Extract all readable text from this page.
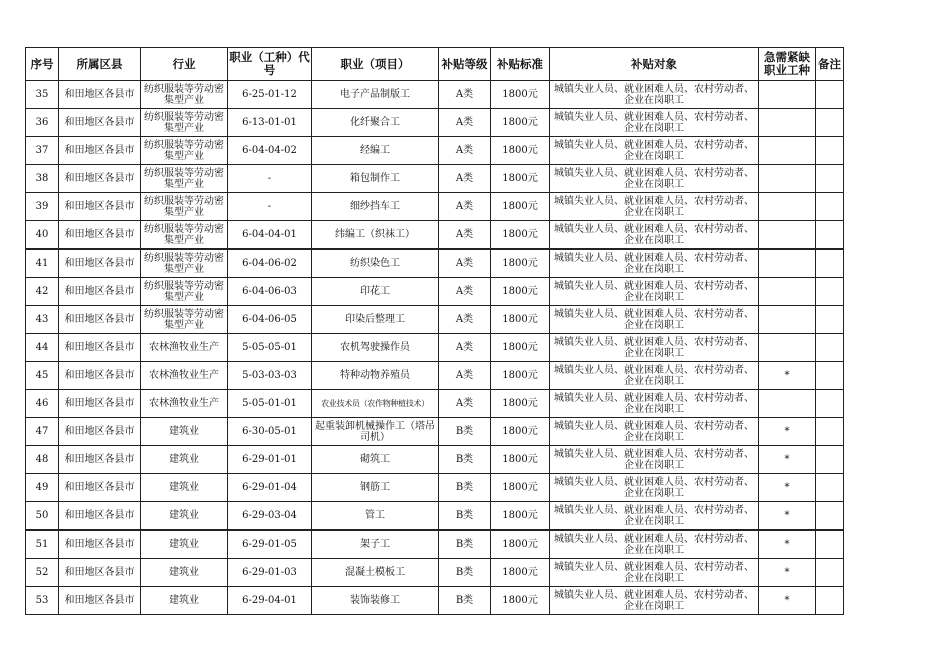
序号	所属区县	行业	职业（工种）代号	职业（项目）	补贴等级	补贴标准	补贴对象	急需紧缺职业工种	备注
35	和田地区各县市	纺织服装等劳动密集型产业	6-25-01-12	电子产品制版工	A类	1800元	城镇失业人员、就业困难人员、农村劳动者、企业在岗职工		
36	和田地区各县市	纺织服装等劳动密集型产业	6-13-01-01	化纤聚合工	A类	1800元	城镇失业人员、就业困难人员、农村劳动者、企业在岗职工		
37	和田地区各县市	纺织服装等劳动密集型产业	6-04-04-02	经编工	A类	1800元	城镇失业人员、就业困难人员、农村劳动者、企业在岗职工		
38	和田地区各县市	纺织服装等劳动密集型产业	-	箱包制作工	A类	1800元	城镇失业人员、就业困难人员、农村劳动者、企业在岗职工		
39	和田地区各县市	纺织服装等劳动密集型产业	-	细纱挡车工	A类	1800元	城镇失业人员、就业困难人员、农村劳动者、企业在岗职工		
40	和田地区各县市	纺织服装等劳动密集型产业	6-04-04-01	纬编工（织袜工）	A类	1800元	城镇失业人员、就业困难人员、农村劳动者、企业在岗职工		
41	和田地区各县市	纺织服装等劳动密集型产业	6-04-06-02	纺织染色工	A类	1800元	城镇失业人员、就业困难人员、农村劳动者、企业在岗职工		
42	和田地区各县市	纺织服装等劳动密集型产业	6-04-06-03	印花工	A类	1800元	城镇失业人员、就业困难人员、农村劳动者、企业在岗职工		
43	和田地区各县市	纺织服装等劳动密集型产业	6-04-06-05	印染后整理工	A类	1800元	城镇失业人员、就业困难人员、农村劳动者、企业在岗职工		
44	和田地区各县市	农林渔牧业生产	5-05-05-01	农机驾驶操作员	A类	1800元	城镇失业人员、就业困难人员、农村劳动者、企业在岗职工		
45	和田地区各县市	农林渔牧业生产	5-03-03-03	特种动物养殖员	A类	1800元	城镇失业人员、就业困难人员、农村劳动者、企业在岗职工	*	
46	和田地区各县市	农林渔牧业生产	5-05-01-01	农业技术员（农作物种植技术）	A类	1800元	城镇失业人员、就业困难人员、农村劳动者、企业在岗职工		
47	和田地区各县市	建筑业	6-30-05-01	起重装卸机械操作工（塔吊司机）	B类	1800元	城镇失业人员、就业困难人员、农村劳动者、企业在岗职工	*	
48	和田地区各县市	建筑业	6-29-01-01	砌筑工	B类	1800元	城镇失业人员、就业困难人员、农村劳动者、企业在岗职工	*	
49	和田地区各县市	建筑业	6-29-01-04	钢筋工	B类	1800元	城镇失业人员、就业困难人员、农村劳动者、企业在岗职工	*	
50	和田地区各县市	建筑业	6-29-03-04	管工	B类	1800元	城镇失业人员、就业困难人员、农村劳动者、企业在岗职工	*	
51	和田地区各县市	建筑业	6-29-01-05	架子工	B类	1800元	城镇失业人员、就业困难人员、农村劳动者、企业在岗职工	*	
52	和田地区各县市	建筑业	6-29-01-03	混凝土模板工	B类	1800元	城镇失业人员、就业困难人员、农村劳动者、企业在岗职工	*	
53	和田地区各县市	建筑业	6-29-04-01	装饰装修工	B类	1800元	城镇失业人员、就业困难人员、农村劳动者、企业在岗职工	*	
